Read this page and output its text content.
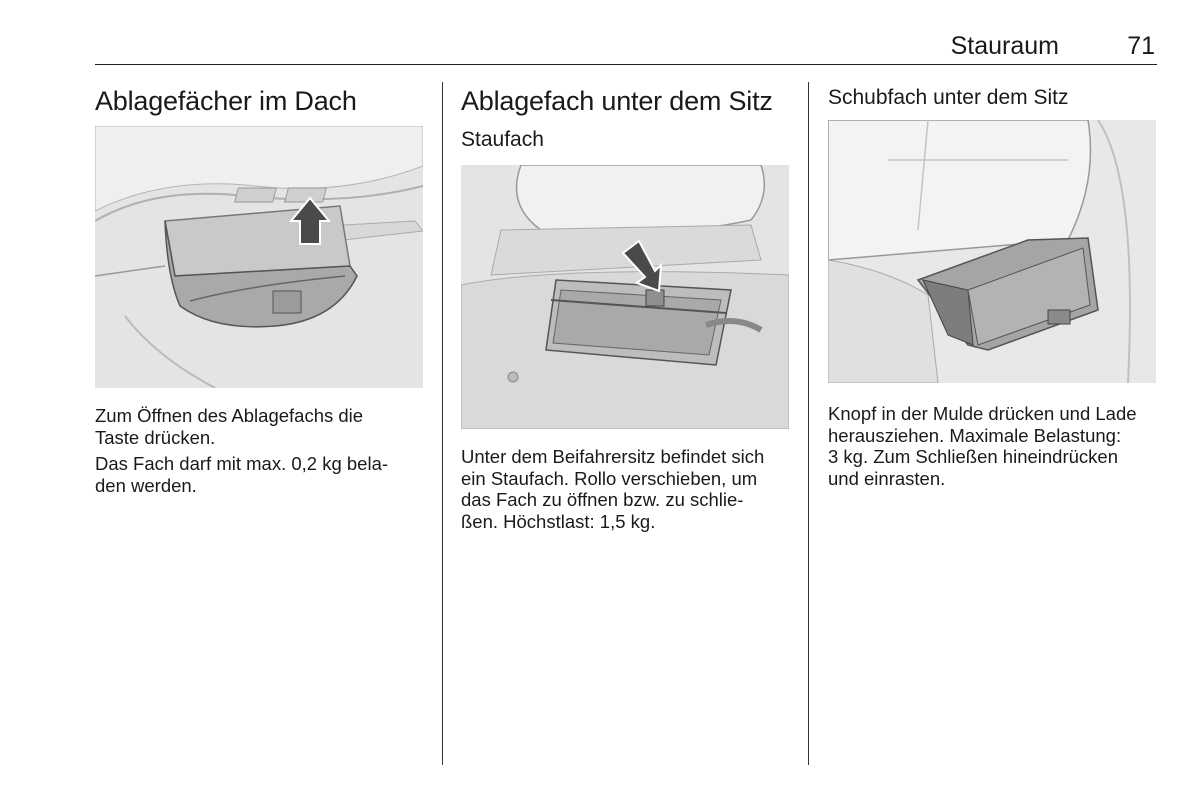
Stauraum	71
Ablagefächer im Dach

Zum Öffnen des Ablagefachs die
Taste drücken.

Das Fach darf mit max. 0,2 kg bela-
den werden.

Ablagefach unter dem Sitz
Staufach

Unter dem Beifahrersitz befindet sich
ein Staufach. Rollo verschieben, um
das Fach zu öffnen bzw. zu schlie-
ßen. Höchstlast: 1,5 kg.

Schubfach unter dem Sitz

Knopf in der Mulde drücken und Lade
herausziehen. Maximale Belastung:
3 kg. Zum Schließen hineindrücken
und einrasten.
